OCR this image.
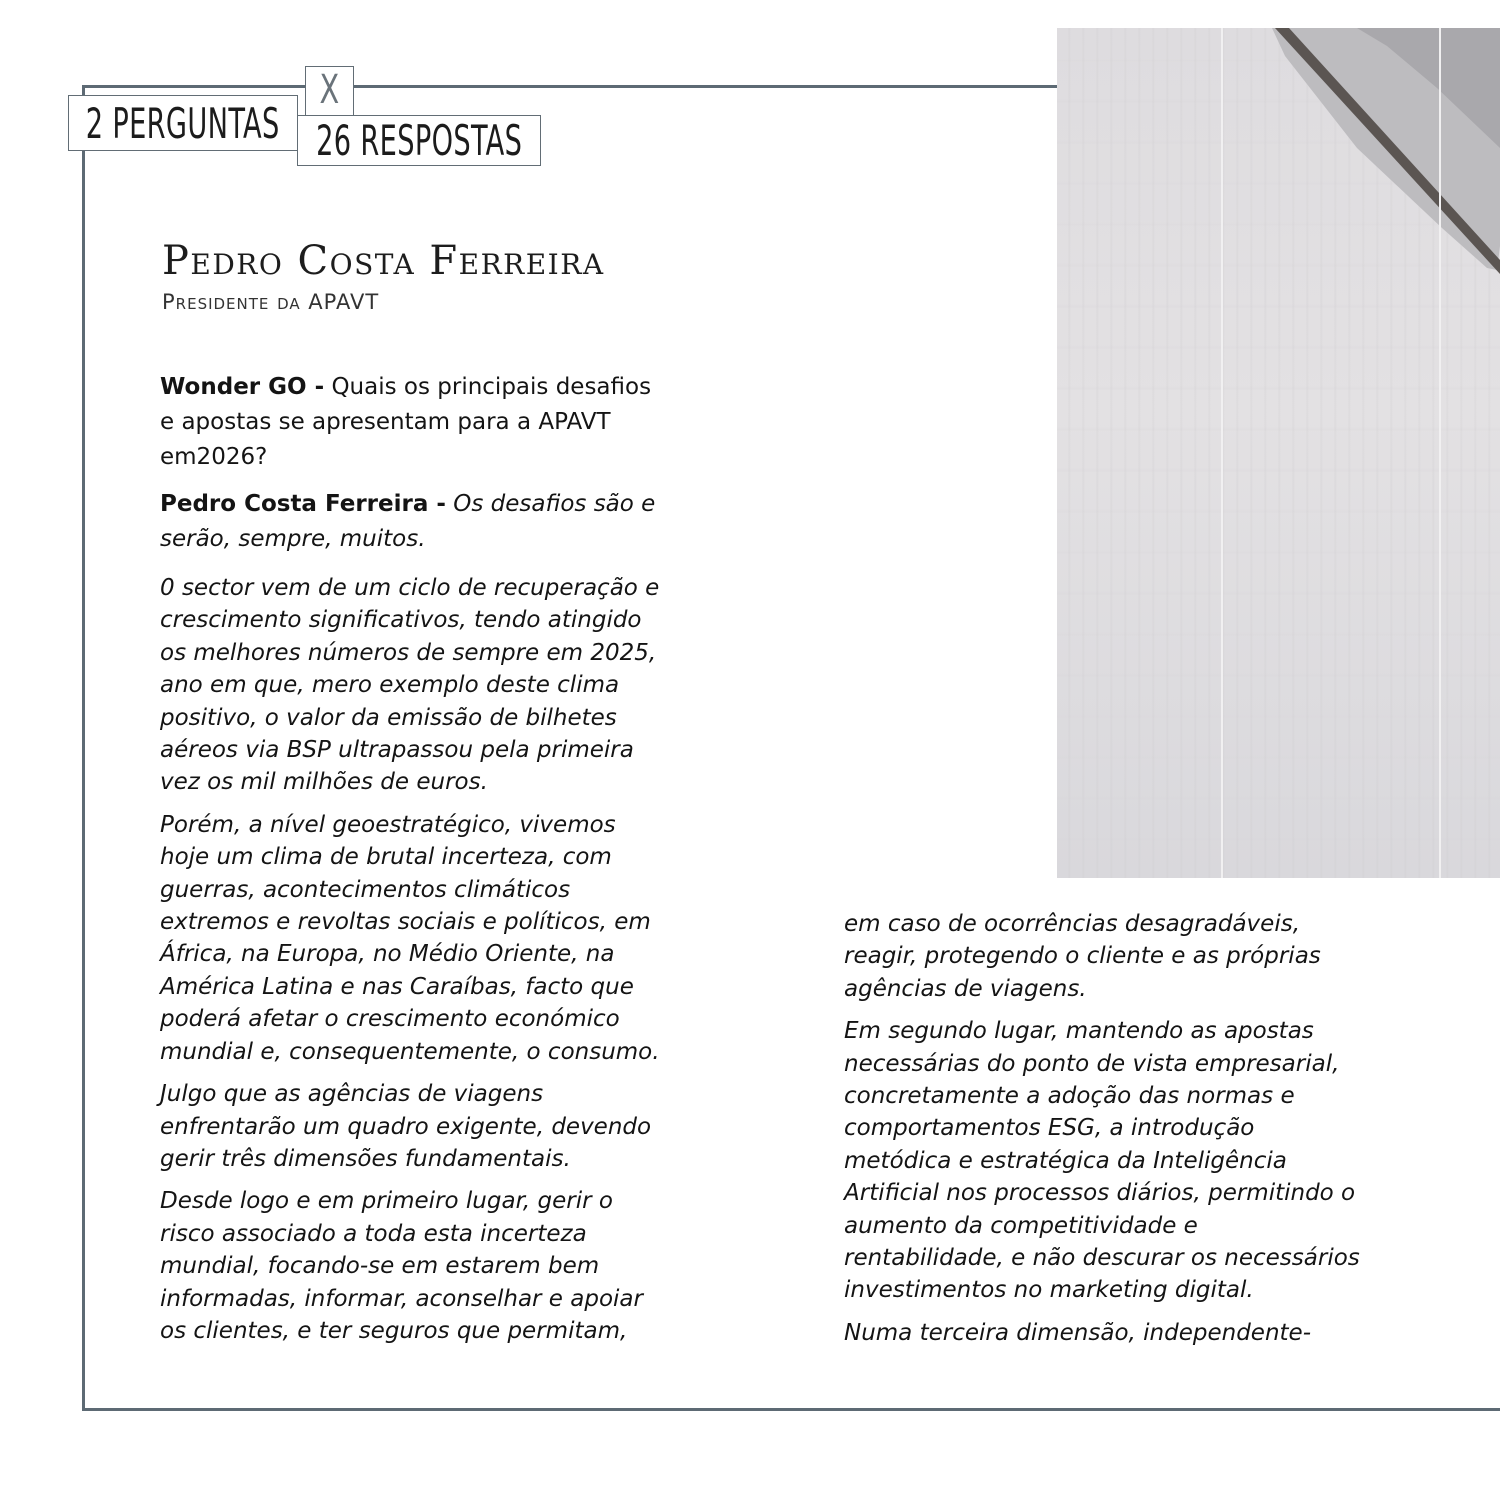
2 PERGUNTAS
X
26 RESPOSTAS
Pedro Costa Ferreira
Presidente da APAVT

Wonder GO - Quais os principais desafios e apostas se apresentam para a APAVT em2026?

Pedro Costa Ferreira - Os desafios são e serão, sempre, muitos.

0 sector vem de um ciclo de recuperação e crescimento significativos, tendo atingido os melhores números de sempre em 2025, ano em que, mero exemplo deste clima positivo, o valor da emissão de bilhetes aéreos via BSP ultrapassou pela primeira vez os mil milhões de euros.

Porém, a nível geoestratégico, vivemos hoje um clima de brutal incerteza, com guerras, acontecimentos climáticos extremos e revoltas sociais e políticos, em África, na Europa, no Médio Oriente, na América Latina e nas Caraíbas, facto que poderá afetar o crescimento económico mundial e, consequentemente, o consumo.

Julgo que as agências de viagens enfrentarão um quadro exigente, devendo gerir três dimensões fundamentais.

Desde logo e em primeiro lugar, gerir o risco associado a toda esta incerteza mundial, focando-se em estarem bem informadas, informar, aconselhar e apoiar os clientes, e ter seguros que permitam,

em caso de ocorrências desagradáveis, reagir, protegendo o cliente e as próprias agências de viagens.

Em segundo lugar, mantendo as apostas necessárias do ponto de vista empresarial, concretamente a adoção das normas e comportamentos ESG, a introdução metódica e estratégica da Inteligência Artificial nos processos diários, permitindo o aumento da competitividade e rentabilidade, e não descurar os necessários investimentos no marketing digital.

Numa terceira dimensão, independente-
